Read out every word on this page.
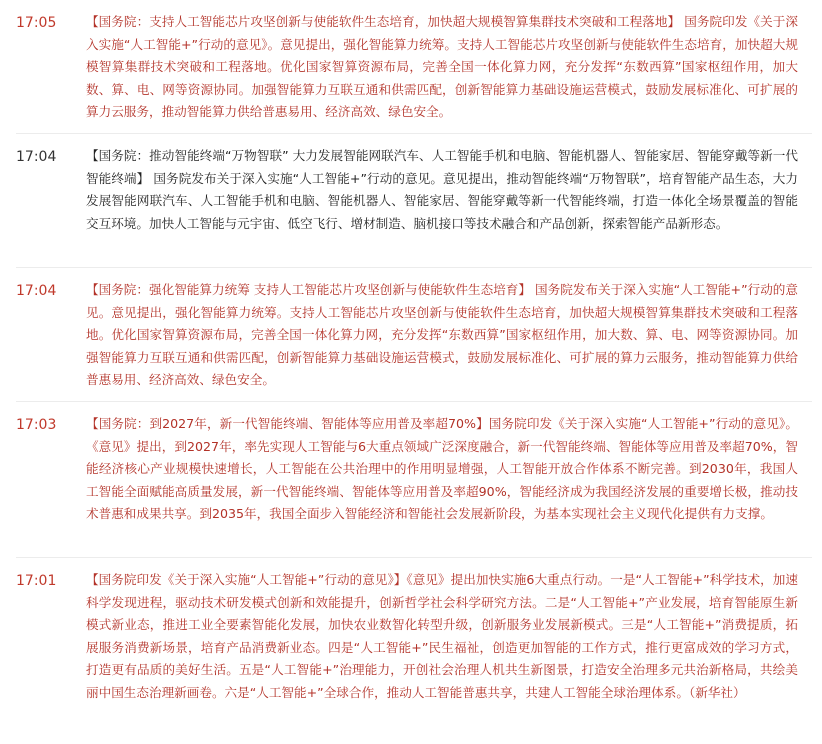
17:05 【国务院：支持人工智能芯片攻坚创新与使能软件生态培育，加快超大规模智算集群技术突破和工程落地】 国务院印发《关于深入实施“人工智能+”行动的意见》。意见提出，强化智能算力统筹。支持人工智能芯片攻坚创新与使能软件生态培育，加快超大规模智算集群技术突破和工程落地。优化国家智算资源布局，完善全国一体化算力网，充分发挥“东数西算”国家枢纽作用，加大数、算、电、网等资源协同。加强智能算力互联互通和供需匹配，创新智能算力基础设施运营模式，鼓励发展标准化、可扩展的算力云服务，推动智能算力供给普惠易用、经济高效、绿色安全。
17:04 【国务院：推动智能终端“万物智联” 大力发展智能网联汽车、人工智能手机和电脑、智能机器人、智能家居、智能穿戴等新一代智能终端】 国务院发布关于深入实施“人工智能+”行动的意见。意见提出，推动智能终端“万物智联”，培育智能产品生态，大力发展智能网联汽车、人工智能手机和电脑、智能机器人、智能家居、智能穿戴等新一代智能终端，打造一体化全场景覆盖的智能交互环境。加快人工智能与元宇宙、低空飞行、增材制造、脑机接口等技术融合和产品创新，探索智能产品新形态。
17:04 【国务院：强化智能算力统筹 支持人工智能芯片攻坚创新与使能软件生态培育】 国务院发布关于深入实施“人工智能+”行动的意见。意见提出，强化智能算力统筹。支持人工智能芯片攻坚创新与使能软件生态培育，加快超大规模智算集群技术突破和工程落地。优化国家智算资源布局，完善全国一体化算力网，充分发挥“东数西算”国家枢纽作用，加大数、算、电、网等资源协同。加强智能算力互联互通和供需匹配，创新智能算力基础设施运营模式，鼓励发展标准化、可扩展的算力云服务，推动智能算力供给普惠易用、经济高效、绿色安全。
17:03 【国务院：到2027年，新一代智能终端、智能体等应用普及率超70%】国务院印发《关于深入实施“人工智能+”行动的意见》。《意见》提出，到2027年，率先实现人工智能与6大重点领域广泛深度融合，新一代智能终端、智能体等应用普及率超70%，智能经济核心产业规模快速增长，人工智能在公共治理中的作用明显增强，人工智能开放合作体系不断完善。到2030年，我国人工智能全面赋能高质量发展，新一代智能终端、智能体等应用普及率超90%，智能经济成为我国经济发展的重要增长极，推动技术普惠和成果共享。到2035年，我国全面步入智能经济和智能社会发展新阶段，为基本实现社会主义现代化提供有力支撑。
17:01 【国务院印发《关于深入实施“人工智能+”行动的意见》】《意见》提出加快实施6大重点行动。一是“人工智能+”科学技术，加速科学发现进程，驱动技术研发模式创新和效能提升，创新哲学社会科学研究方法。二是“人工智能+”产业发展，培育智能原生新模式新业态，推进工业全要素智能化发展，加快农业数智化转型升级，创新服务业发展新模式。三是“人工智能+”消费提质，拓展服务消费新场景，培育产品消费新业态。四是“人工智能+”民生福祉，创造更加智能的工作方式，推行更富成效的学习方式，打造更有品质的美好生活。五是“人工智能+”治理能力，开创社会治理人机共生新图景，打造安全治理多元共治新格局，共绘美丽中国生态治理新画卷。六是“人工智能+”全球合作，推动人工智能普惠共享，共建人工智能全球治理体系。（新华社）
